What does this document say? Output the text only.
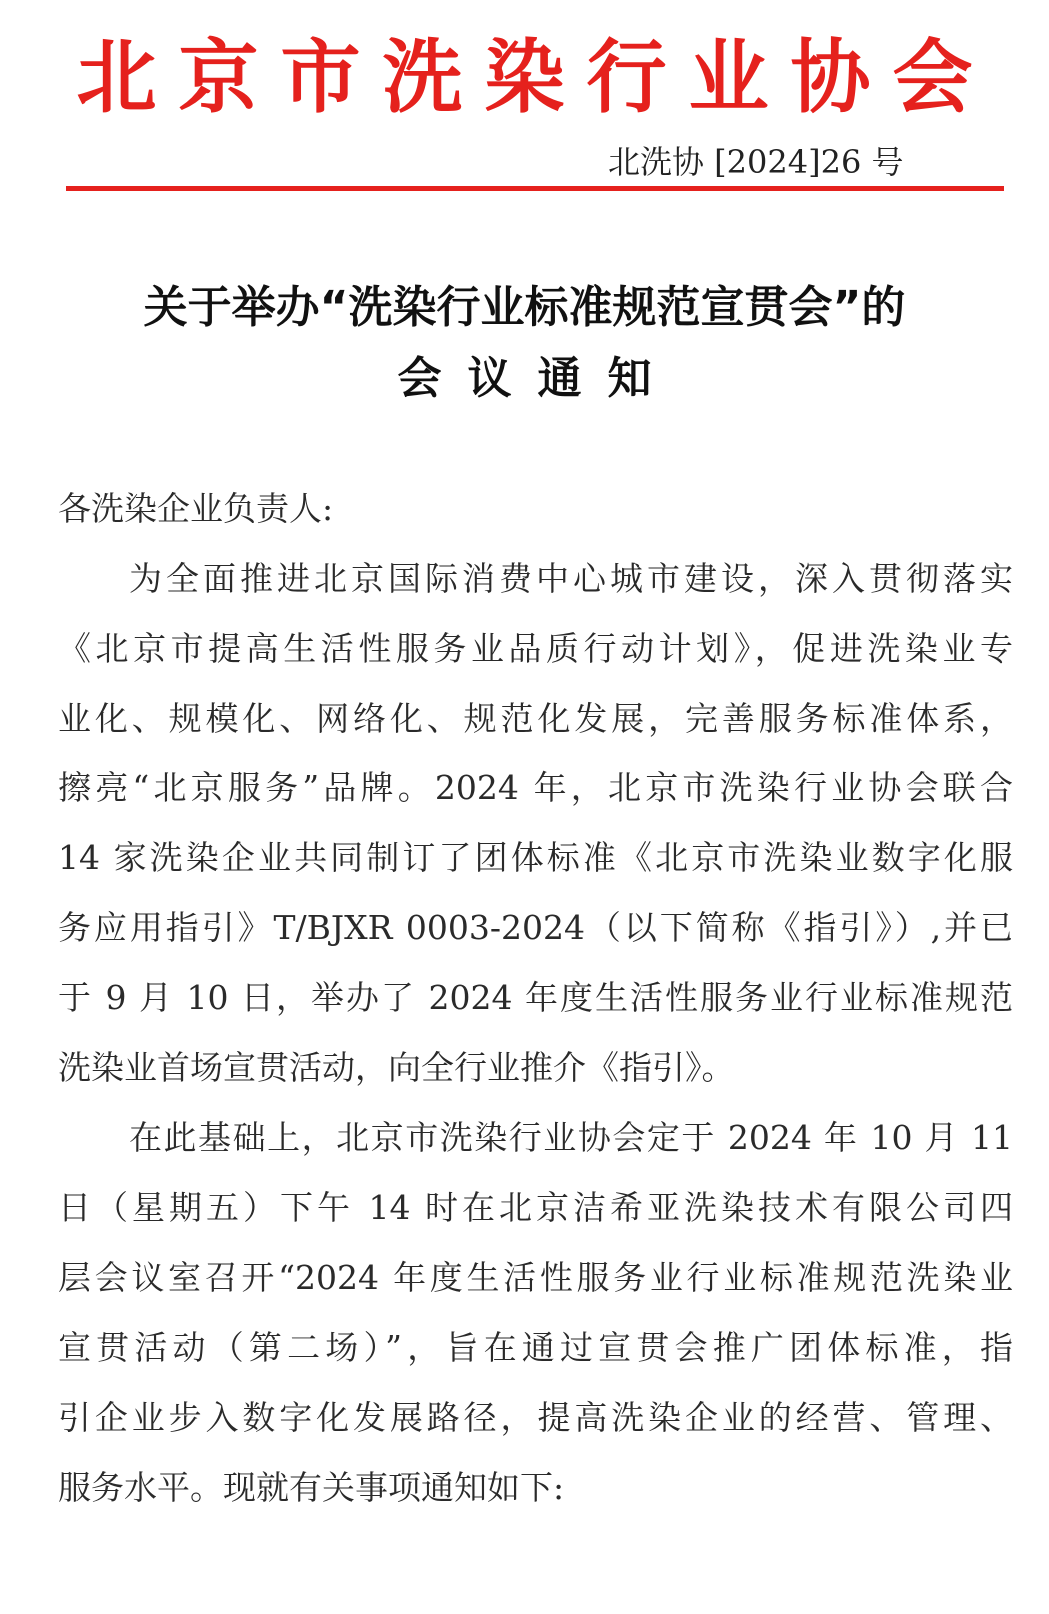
北京市洗染行业协会
北洗协 [2024]26 号
关于举办“洗染行业标准规范宣贯会”的
会议通知
各洗染企业负责人:
为全面推进北京国际消费中心城市建设，深入贯彻落实
《北京市提高生活性服务业品质行动计划》，促进洗染业专
业化、规模化、网络化、规范化发展，完善服务标准体系，
擦亮“北京服务”品牌。2024 年，北京市洗染行业协会联合
14 家洗染企业共同制订了团体标准《北京市洗染业数字化服
务应用指引》T/BJXR 0003-2024（以下简称《指引》）,并已
于 9 月 10 日，举办了 2024 年度生活性服务业行业标准规范
洗染业首场宣贯活动，向全行业推介《指引》。
在此基础上，北京市洗染行业协会定于 2024 年 10 月 11
日（星期五）下午 14 时在北京洁希亚洗染技术有限公司四
层会议室召开“2024 年度生活性服务业行业标准规范洗染业
宣贯活动（第二场）”，旨在通过宣贯会推广团体标准，指
引企业步入数字化发展路径，提高洗染企业的经营、管理、
服务水平。现就有关事项通知如下:
